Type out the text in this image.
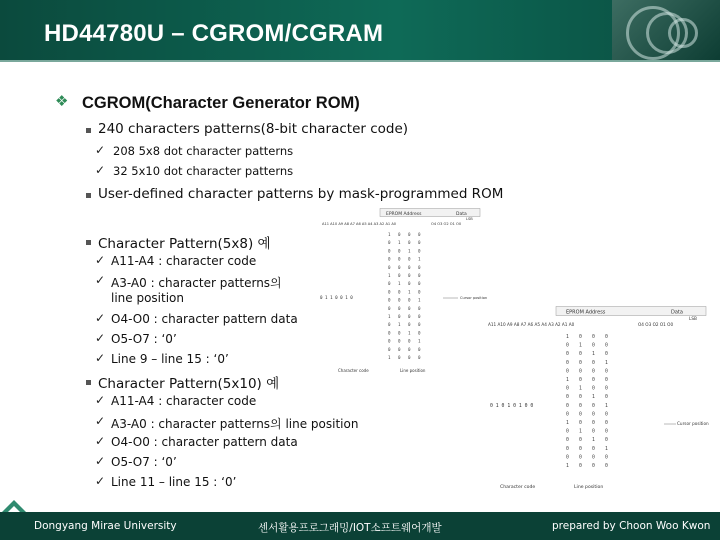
HD44780U – CGROM/CGRAM
❖ CGROM(Character Generator ROM)
240 characters patterns(8-bit character code)
✓ 208 5x8 dot character patterns
✓ 32 5x10 dot character patterns
User-defined character patterns by mask-programmed ROM
Character Pattern(5x8) 예
✓ A11-A4 : character code
✓ A3-A0 : character patterns의
line position
✓ O4-O0 : character pattern data
✓ O5-O7 : ‘0’
✓ Line 9 – line 15 : ‘0’
Character Pattern(5x10) 예
✓ A11-A4 : character code
✓ A3-A0 : character patterns의 line position
✓ O4-O0 : character pattern data
✓ O5-O7 : ‘0’
✓ Line 11 – line 15 : ‘0’
EPROM Address	Data
A11 A10 A9 A8 A7 A6 A5 A4 A3 A2 A1 A0	O4 O3 O2 O1 O0
LSB
1 0 0 0
0 1 0 0
0 0 1 0
0 0 0 1
0 0 0 0
1 0 0 0
0 1 0 0
0 0 1 0
0 0 0 1
0 0 0 0
1 0 0 0
0 1 0 0
0 0 1 0
0 0 0 1
0 0 0 0
1 0 0 0
0 1 1 0 0 1 0	Cursor position
Character code	Line position
EPROM Address	Data
A11 A10 A9 A8 A7 A6 A5 A4 A3 A2 A1 A0	O4 O3 O2 O1 O0
LSB
1 0 0 0
0 1 0 0
0 0 1 0
0 0 0 1
0 0 0 0
1 0 0 0
0 1 0 0
0 0 1 0
0 0 0 1
0 0 0 0
1 0 0 0
0 1 0 0
0 0 1 0
0 0 0 1
0 0 0 0
1 0 0 0
0 1 0 1 0 1 0 0
Cursor position
Character code	Line position
Dongyang Mirae University	센서활용프로그래밍/IOT소프트웨어개발	prepared by Choon Woo Kwon
